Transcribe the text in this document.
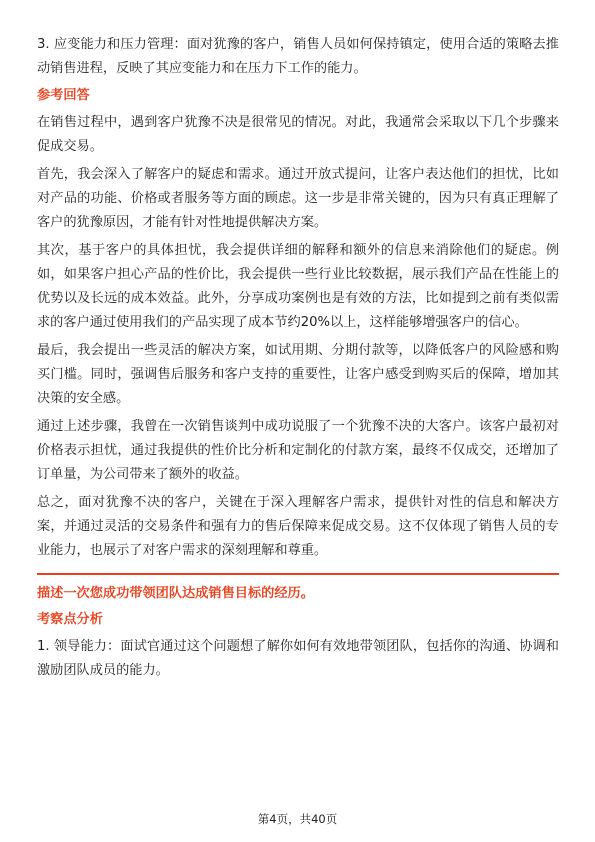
3. 应变能力和压力管理：面对犹豫的客户，销售人员如何保持镇定，使用合适的策略去推动销售进程，反映了其应变能力和在压力下工作的能力。

参考回答

在销售过程中，遇到客户犹豫不决是很常见的情况。对此，我通常会采取以下几个步骤来促成交易。

首先，我会深入了解客户的疑虑和需求。通过开放式提问，让客户表达他们的担忧，比如对产品的功能、价格或者服务等方面的顾虑。这一步是非常关键的，因为只有真正理解了客户的犹豫原因，才能有针对性地提供解决方案。

其次，基于客户的具体担忧，我会提供详细的解释和额外的信息来消除他们的疑虑。例如，如果客户担心产品的性价比，我会提供一些行业比较数据，展示我们产品在性能上的优势以及长远的成本效益。此外，分享成功案例也是有效的方法，比如提到之前有类似需求的客户通过使用我们的产品实现了成本节约20%以上，这样能够增强客户的信心。

最后，我会提出一些灵活的解决方案，如试用期、分期付款等，以降低客户的风险感和购买门槛。同时，强调售后服务和客户支持的重要性，让客户感受到购买后的保障，增加其决策的安全感。

通过上述步骤，我曾在一次销售谈判中成功说服了一个犹豫不决的大客户。该客户最初对价格表示担忧，通过我提供的性价比分析和定制化的付款方案，最终不仅成交，还增加了订单量，为公司带来了额外的收益。

总之，面对犹豫不决的客户，关键在于深入理解客户需求，提供针对性的信息和解决方案，并通过灵活的交易条件和强有力的售后保障来促成交易。这不仅体现了销售人员的专业能力，也展示了对客户需求的深刻理解和尊重。

描述一次您成功带领团队达成销售目标的经历。
考察点分析

1. 领导能力：面试官通过这个问题想了解你如何有效地带领团队，包括你的沟通、协调和激励团队成员的能力。

第4页，共40页
